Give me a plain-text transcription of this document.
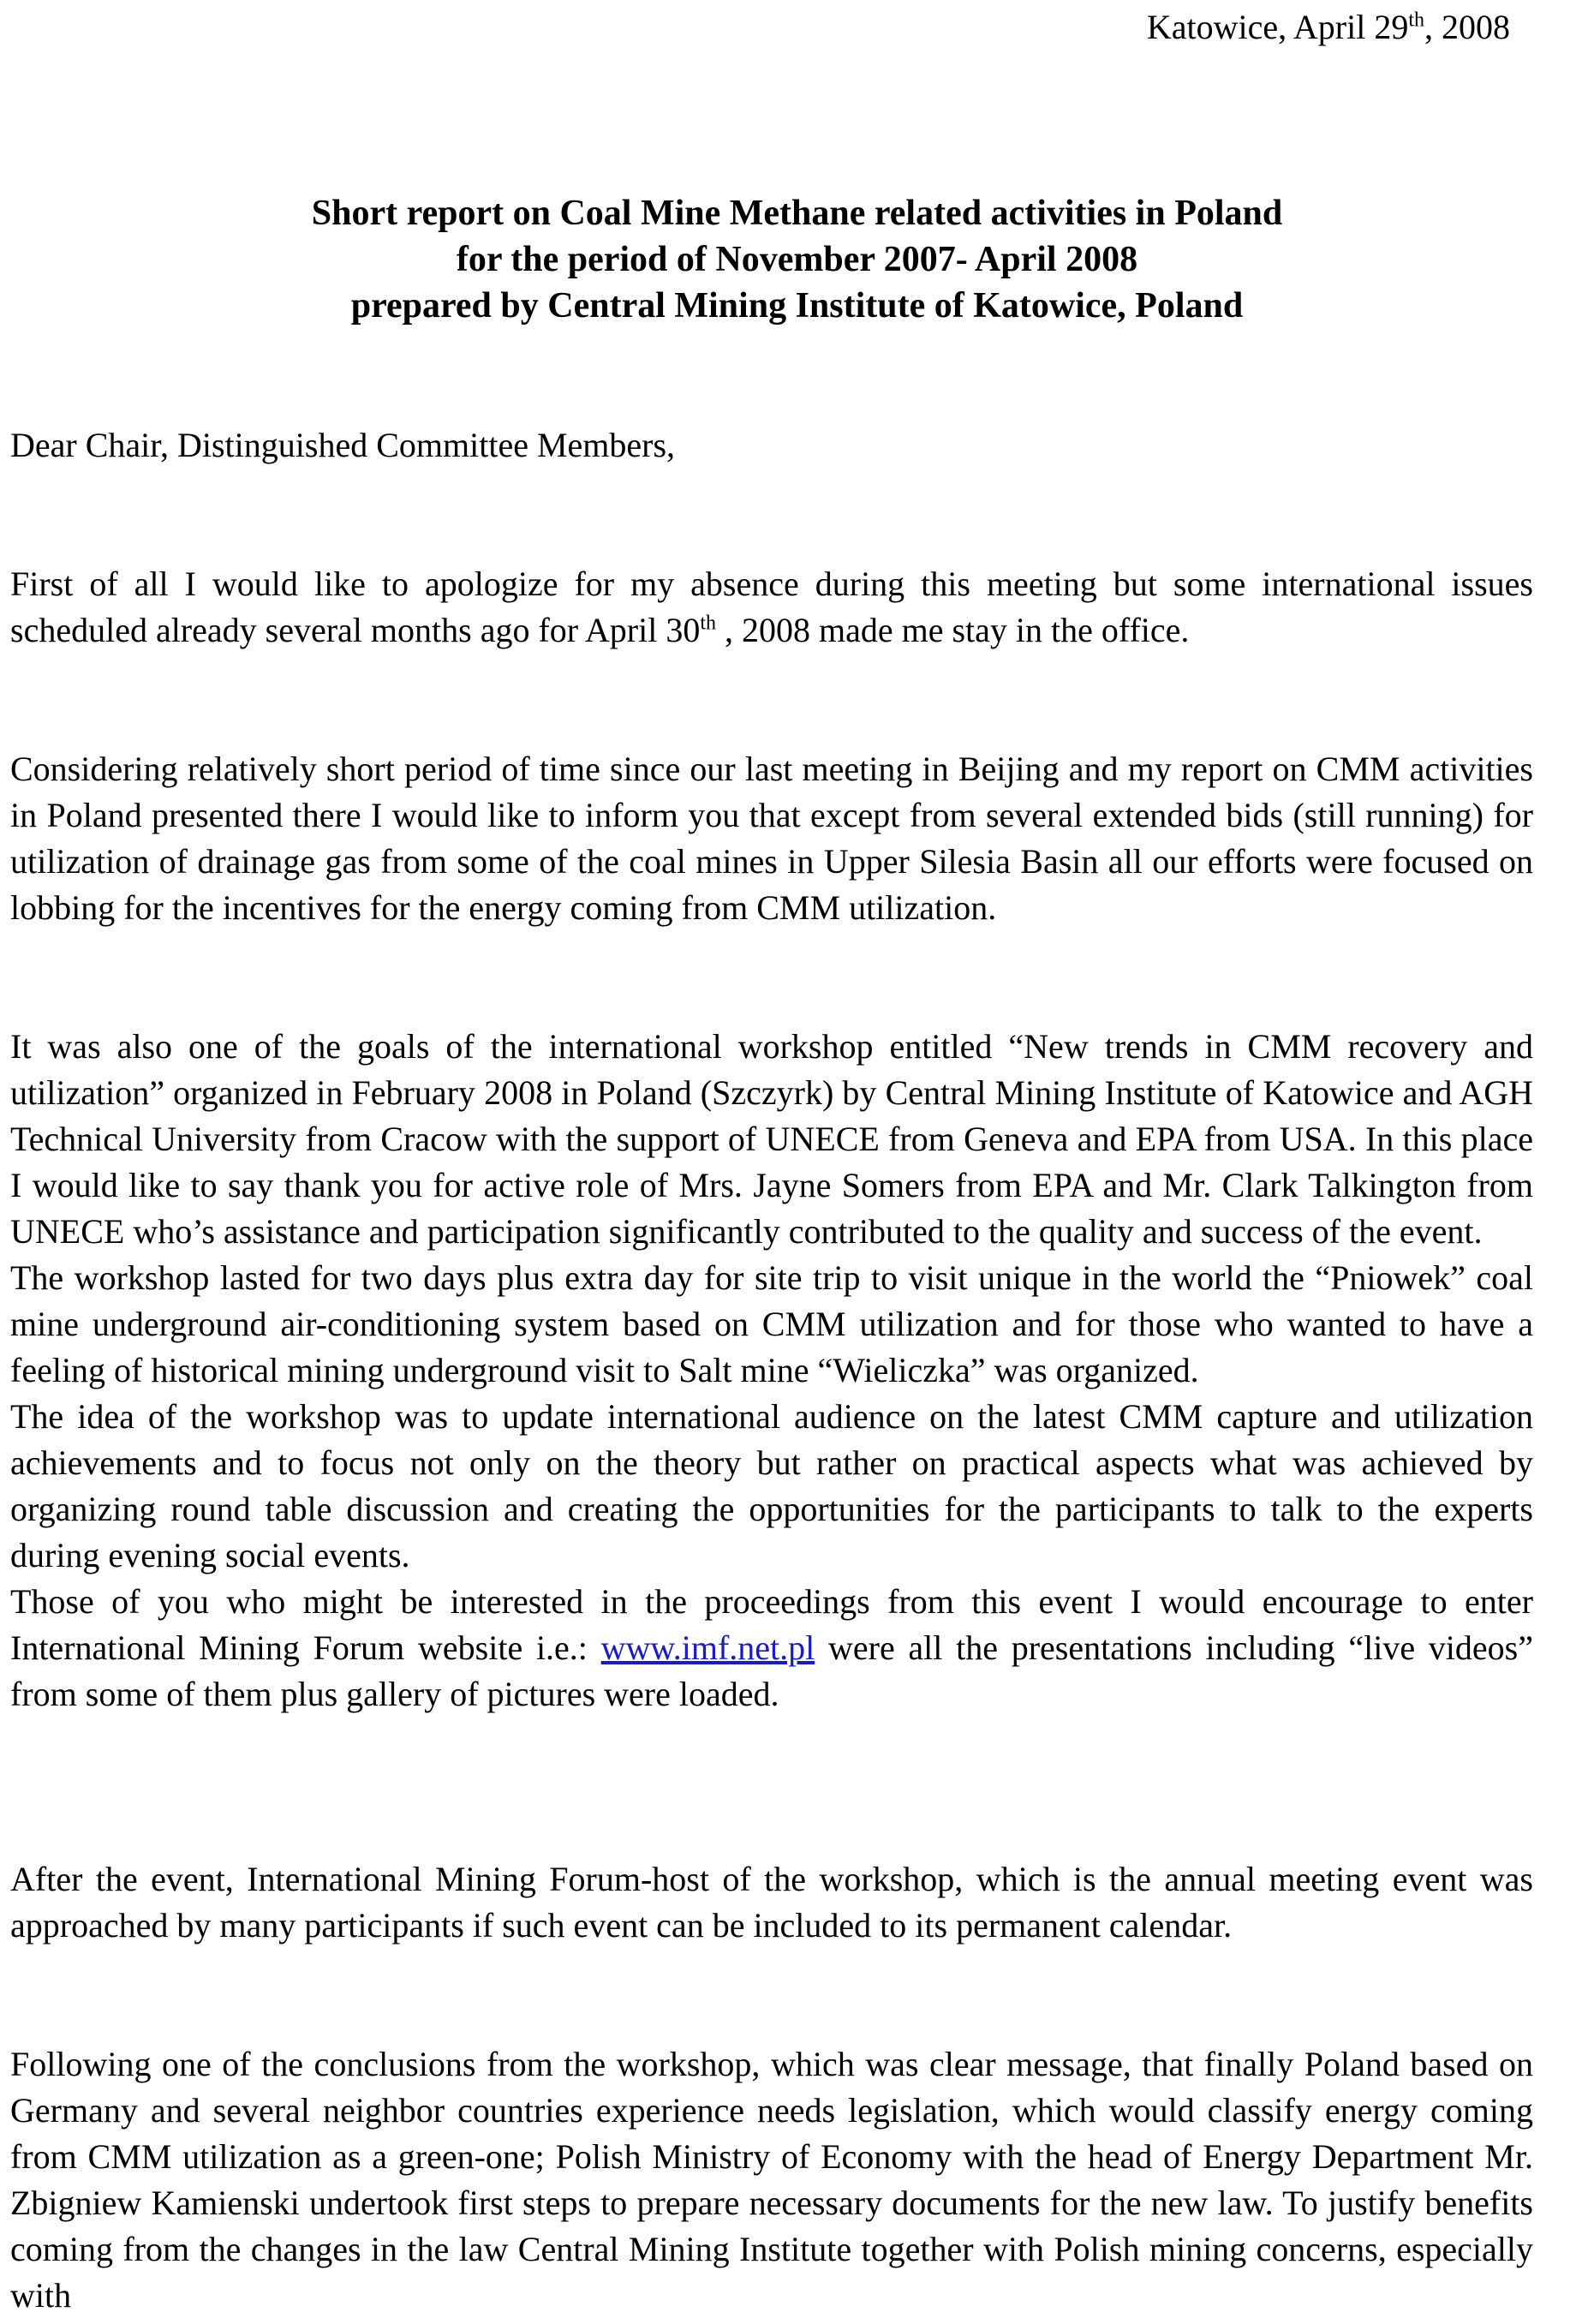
Katowice, April 29th, 2008
Short report on Coal Mine Methane related activities in Poland
for the period of November 2007- April 2008
prepared by Central Mining Institute of Katowice, Poland
Dear Chair, Distinguished Committee Members,

First of all I would like to apologize for my absence during this meeting but some international issues scheduled already several months ago for April 30th , 2008 made me stay in the office.

Considering relatively short period of time since our last meeting in Beijing and my report on CMM activities in Poland presented there I would like to inform you that except from several extended bids (still running) for utilization of drainage gas from some of the coal mines in Upper Silesia Basin all our efforts were focused on lobbing for the incentives for the energy coming from CMM utilization.

It was also one of the goals of the international workshop entitled “New trends in CMM recovery and utilization” organized in February 2008 in Poland (Szczyrk) by Central Mining Institute of Katowice and AGH Technical University from Cracow with the support of UNECE from Geneva and EPA from USA. In this place I would like to say thank you for active role of Mrs. Jayne Somers from EPA and Mr. Clark Talkington from UNECE who’s assistance and participation significantly contributed to the quality and success of the event.

The workshop lasted for two days plus extra day for site trip to visit unique in the world the “Pniowek” coal mine underground air-conditioning system based on CMM utilization and for those who wanted to have a feeling of historical mining underground visit to Salt mine “Wieliczka” was organized.

The idea of the workshop was to update international audience on the latest CMM capture and utilization achievements and to focus not only on the theory but rather on practical aspects what was achieved by organizing round table discussion and creating the opportunities for the participants to talk to the experts during evening social events.

Those of you who might be interested in the proceedings from this event I would encourage to enter International Mining Forum website i.e.: www.imf.net.pl were all the presentations including “live videos” from some of them plus gallery of pictures were loaded.

After the event, International Mining Forum-host of the workshop, which is the annual meeting event was approached by many participants if such event can be included to its permanent calendar.

Following one of the conclusions from the workshop, which was clear message, that finally Poland based on Germany and several neighbor countries experience needs legislation, which would classify energy coming from CMM utilization as a green-one; Polish Ministry of Economy with the head of Energy Department Mr. Zbigniew Kamienski undertook first steps to prepare necessary documents for the new law. To justify benefits coming from the changes in the law Central Mining Institute together with Polish mining concerns, especially with
